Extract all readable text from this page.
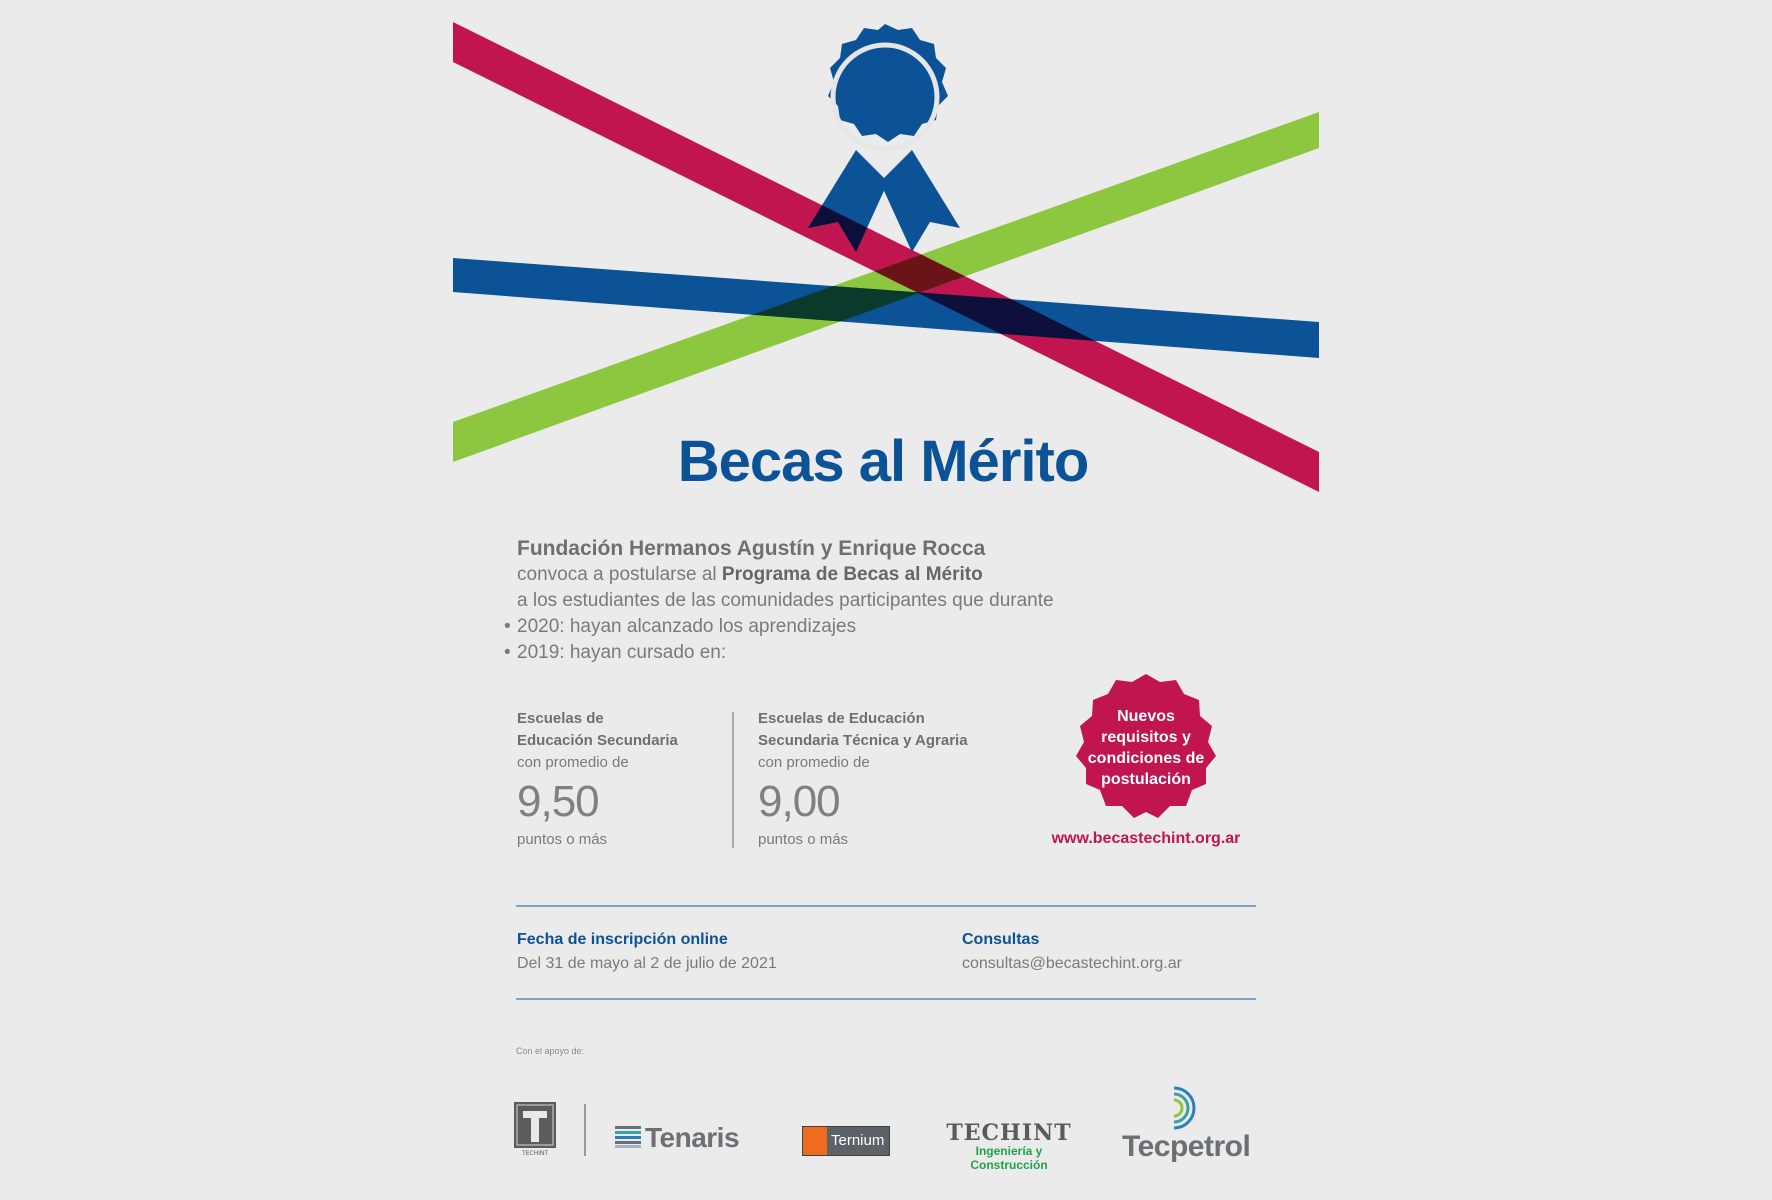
Becas al Mérito
Fundación Hermanos Agustín y Enrique Rocca
convoca a postularse al Programa de Becas al Mérito
a los estudiantes de las comunidades participantes que durante
• 2020: hayan alcanzado los aprendizajes
• 2019: hayan cursado en:
Escuelas de
Educación Secundaria
con promedio de
9,50
puntos o más
Escuelas de Educación
Secundaria Técnica y Agraria
con promedio de
9,00
puntos o más
Nuevos
requisitos y
condiciones de
postulación
www.becastechint.org.ar
Fecha de inscripción online
Del 31 de mayo al 2 de julio de 2021
Consultas
consultas@becastechint.org.ar
Con el apoyo de:
TECHINT
Tenaris	Ternium	TECHINT
Ingeniería y Construcción
Tecpetrol
